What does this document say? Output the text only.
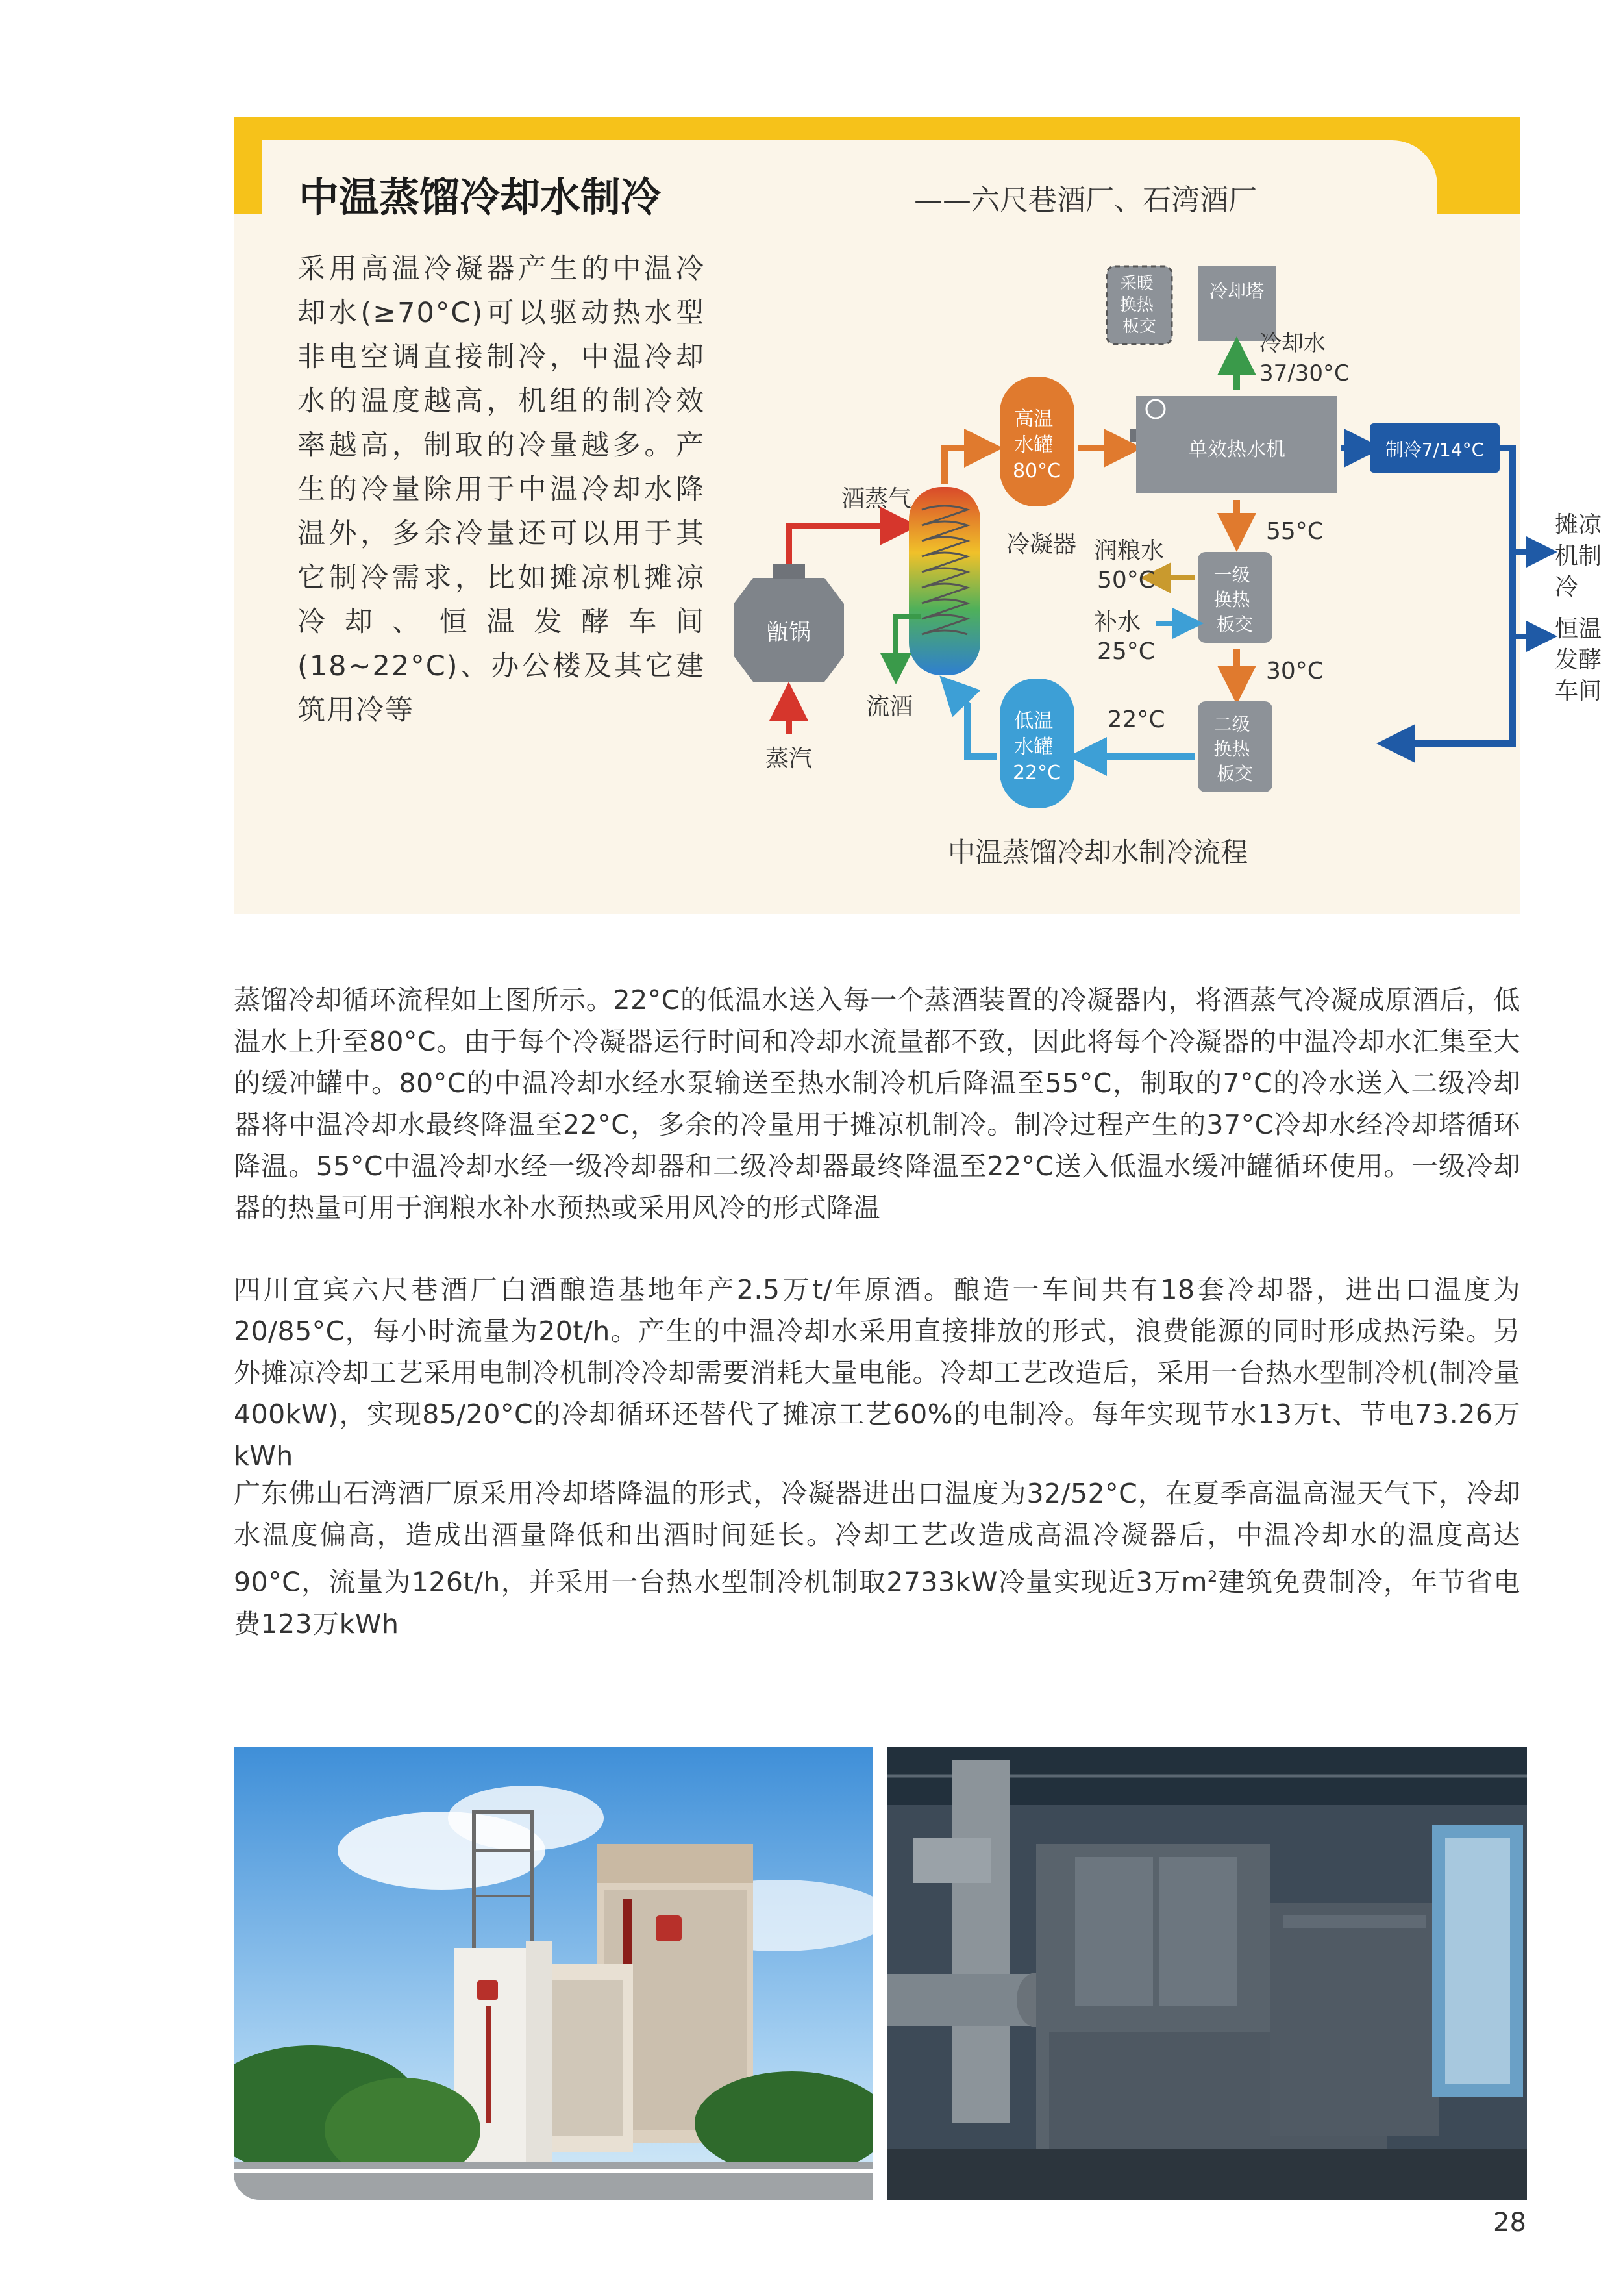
中温蒸馏冷却水制冷	——六尺巷酒厂、石湾酒厂
采用高温冷凝器产生的中温冷却水(≥70°C)可以驱动热水型非电空调直接制冷，中温冷却水的温度越高，机组的制冷效率越高，制取的冷量越多。产生的冷量除用于中温冷却水降温外，多余冷量还可以用于其它制冷需求，比如摊凉机摊凉冷却、恒温发酵车间(18~22°C)、办公楼及其它建筑用冷等
甑锅
蒸汽
酒蒸气
冷凝器
流酒
高温 水罐 80°C
单效热水机
冷却塔
冷却水 37/30°C
采暖 换热 板交
制冷7/14°C
摊凉 机制 冷
恒温 发酵 车间
55°C
一级 换热 板交
润粮水 50°C
补水 25°C
30°C
二级 换热 板交
22°C
低温 水罐 22°C
中温蒸馏冷却水制冷流程
蒸馏冷却循环流程如上图所示。22°C的低温水送入每一个蒸酒装置的冷凝器内，将酒蒸气冷凝成原酒后，低温水上升至80°C。由于每个冷凝器运行时间和冷却水流量都不致，因此将每个冷凝器的中温冷却水汇集至大的缓冲罐中。80°C的中温冷却水经水泵输送至热水制冷机后降温至55°C，制取的7°C的冷水送入二级冷却器将中温冷却水最终降温至22°C，多余的冷量用于摊凉机制冷。制冷过程产生的37°C冷却水经冷却塔循环降温。55°C中温冷却水经一级冷却器和二级冷却器最终降温至22°C送入低温水缓冲罐循环使用。一级冷却器的热量可用于润粮水补水预热或采用风冷的形式降温
四川宜宾六尺巷酒厂白酒酿造基地年产2.5万t/年原酒。酿造一车间共有18套冷却器，进出口温度为20/85°C，每小时流量为20t/h。产生的中温冷却水采用直接排放的形式，浪费能源的同时形成热污染。另外摊凉冷却工艺采用电制冷机制冷冷却需要消耗大量电能。冷却工艺改造后，采用一台热水型制冷机(制冷量400kW)，实现85/20°C的冷却循环还替代了摊凉工艺60%的电制冷。每年实现节水13万t、节电73.26万kWh
广东佛山石湾酒厂原采用冷却塔降温的形式，冷凝器进出口温度为32/52°C，在夏季高温高湿天气下，冷却水温度偏高，造成出酒量降低和出酒时间延长。冷却工艺改造成高温冷凝器后，中温冷却水的温度高达90°C，流量为126t/h，并采用一台热水型制冷机制取2733kW冷量实现近3万$m^2$建筑免费制冷，年节省电费123万kWh
28
